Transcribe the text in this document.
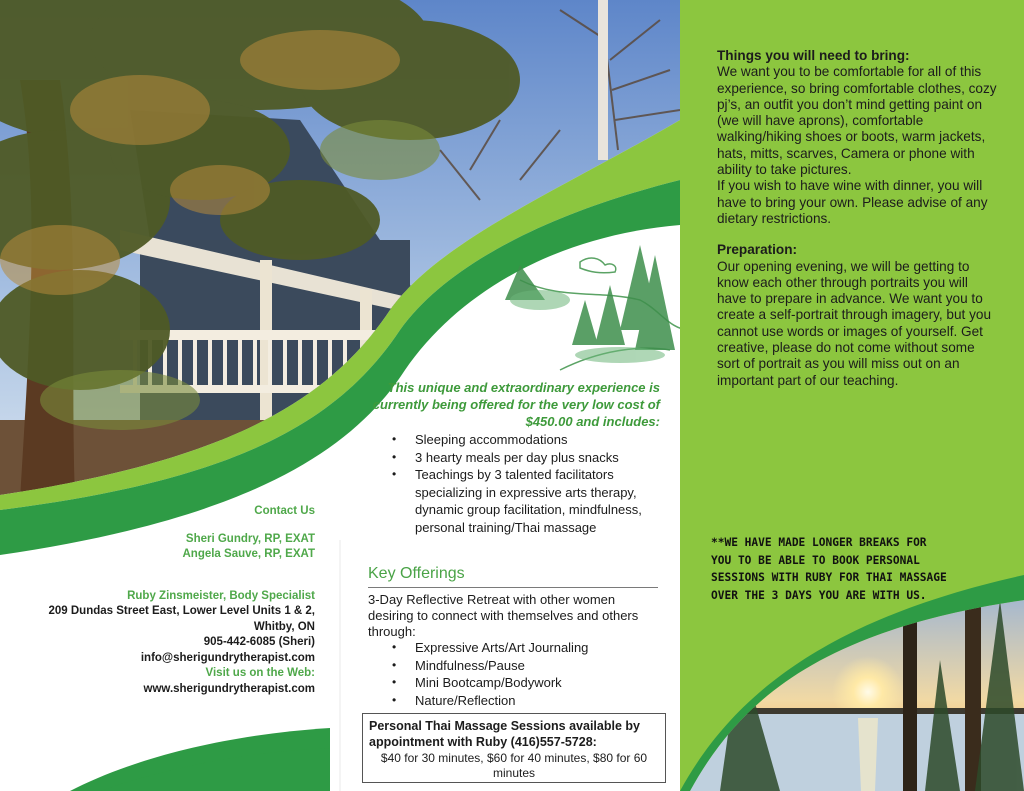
Contact Us
Sheri Gundry, RP, EXAT
Angela Sauve, RP, EXAT
Ruby Zinsmeister, Body Specialist
209 Dundas Street East, Lower Level Units 1 & 2,
Whitby, ON
905-442-6085 (Sheri)
info@sherigundrytherapist.com
Visit us on the Web:
www.sherigundrytherapist.com
This unique and extraordinary experience is currently being offered for the very low cost of $450.00 and includes:
• Sleeping accommodations
• 3 hearty meals per day plus snacks
• Teachings by 3 talented facilitators specializing in expressive arts therapy, dynamic group facilitation, mindfulness, personal training/Thai massage
Key Offerings
3-Day Reflective Retreat with other women desiring to connect with themselves and others through:
• Expressive Arts/Art Journaling
• Mindfulness/Pause
• Mini Bootcamp/Bodywork
• Nature/Reflection
Personal Thai Massage Sessions available by appointment with Ruby (416)557-5728:
$40 for 30 minutes, $60 for 40 minutes, $80 for 60 minutes
Things you will need to bring:
We want you to be comfortable for all of this experience, so bring comfortable clothes, cozy pj’s, an outfit you don’t mind getting paint on (we will have aprons), comfortable walking/hiking shoes or boots, warm jackets, hats, mitts, scarves, Camera or phone with ability to take pictures.
If you wish to have wine with dinner, you will have to bring your own. Please advise of any dietary restrictions.
Preparation:
Our opening evening, we will be getting to know each other through portraits you will have to prepare in advance. We want you to create a self-portrait through imagery, but you cannot use words or images of yourself. Get creative, please do not come without some sort of portrait as you will miss out on an important part of our teaching.
**WE HAVE MADE LONGER BREAKS FOR YOU TO BE ABLE TO BOOK PERSONAL SESSIONS WITH RUBY FOR THAI MASSAGE OVER THE 3 DAYS YOU ARE WITH US.
